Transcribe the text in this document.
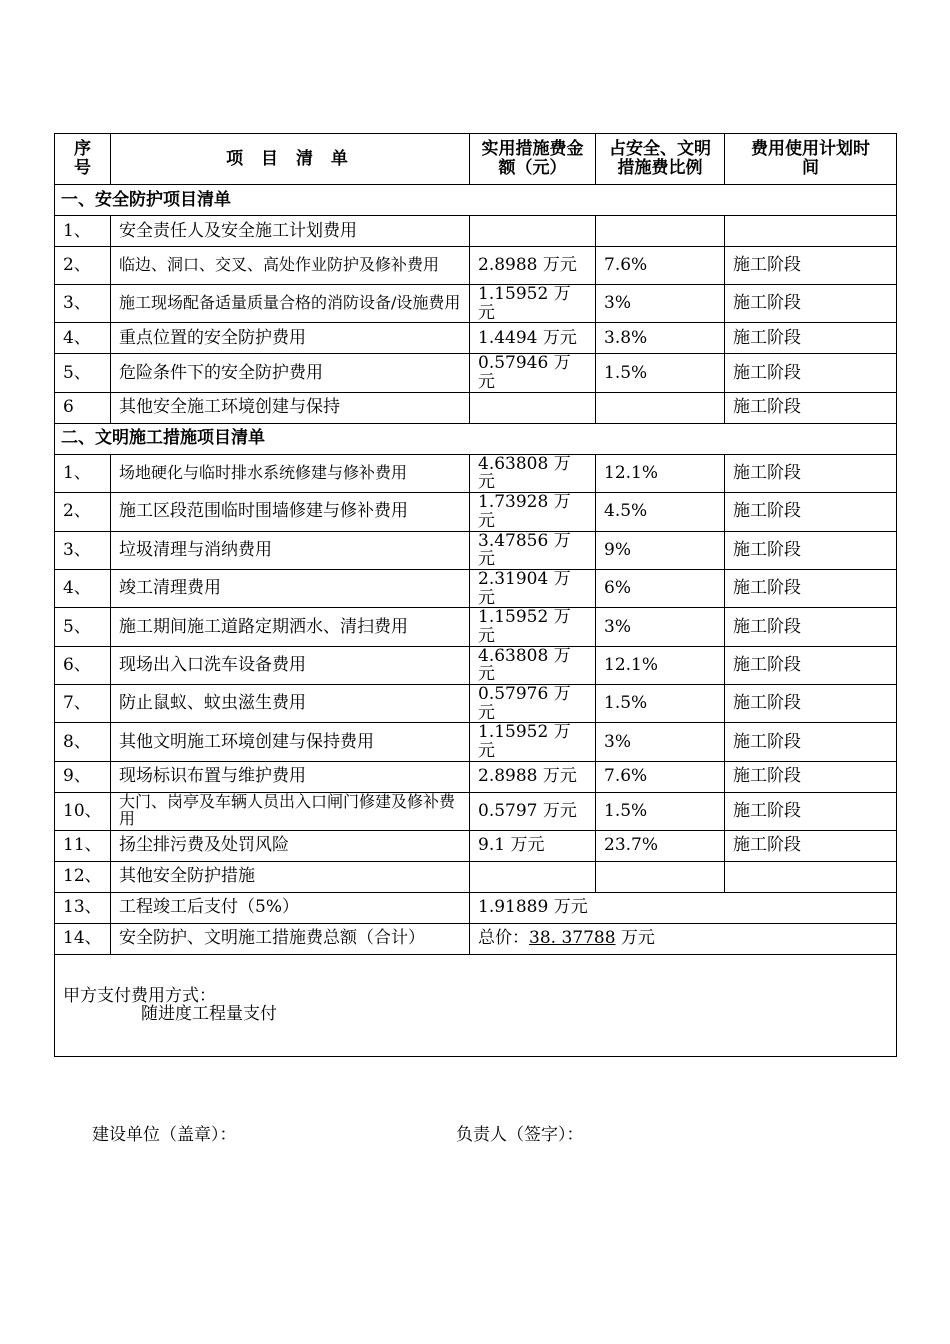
序号	项 目 清 单	实用措施费金额（元）	占安全、文明措施费比例	费用使用计划时间
一、安全防护项目清单				
1、	安全责任人及安全施工计划费用			
2、	临边、洞口、交叉、高处作业防护及修补费用	2.8988 万元	7.6%	施工阶段
3、	施工现场配备适量质量合格的消防设备/设施费用	1.15952 万元	3%	施工阶段
4、	重点位置的安全防护费用	1.4494 万元	3.8%	施工阶段
5、	危险条件下的安全防护费用	0.57946 万元	1.5%	施工阶段
6	其他安全施工环境创建与保持			施工阶段
二、文明施工措施项目清单				
1、	场地硬化与临时排水系统修建与修补费用	4.63808 万元	12.1%	施工阶段
2、	施工区段范围临时围墙修建与修补费用	1.73928 万元	4.5%	施工阶段
3、	垃圾清理与消纳费用	3.47856 万元	9%	施工阶段
4、	竣工清理费用	2.31904 万元	6%	施工阶段
5、	施工期间施工道路定期洒水、清扫费用	1.15952 万元	3%	施工阶段
6、	现场出入口洗车设备费用	4.63808 万元	12.1%	施工阶段
7、	防止鼠蚁、蚊虫滋生费用	0.57976 万元	1.5%	施工阶段
8、	其他文明施工环境创建与保持费用	1.15952 万元	3%	施工阶段
9、	现场标识布置与维护费用	2.8988 万元	7.6%	施工阶段
10、	大门、岗亭及车辆人员出入口闸门修建及修补费用	0.5797 万元	1.5%	施工阶段
11、	扬尘排污费及处罚风险	9.1 万元	23.7%	施工阶段
12、	其他安全防护措施			
13、	工程竣工后支付（5%）	1.91889 万元		
14、	安全防护、文明施工措施费总额（合计）	总价：38. 37788 万元		

甲方支付费用方式：
随进度工程量支付				
建设单位（盖章）：	负责人（签字）：
